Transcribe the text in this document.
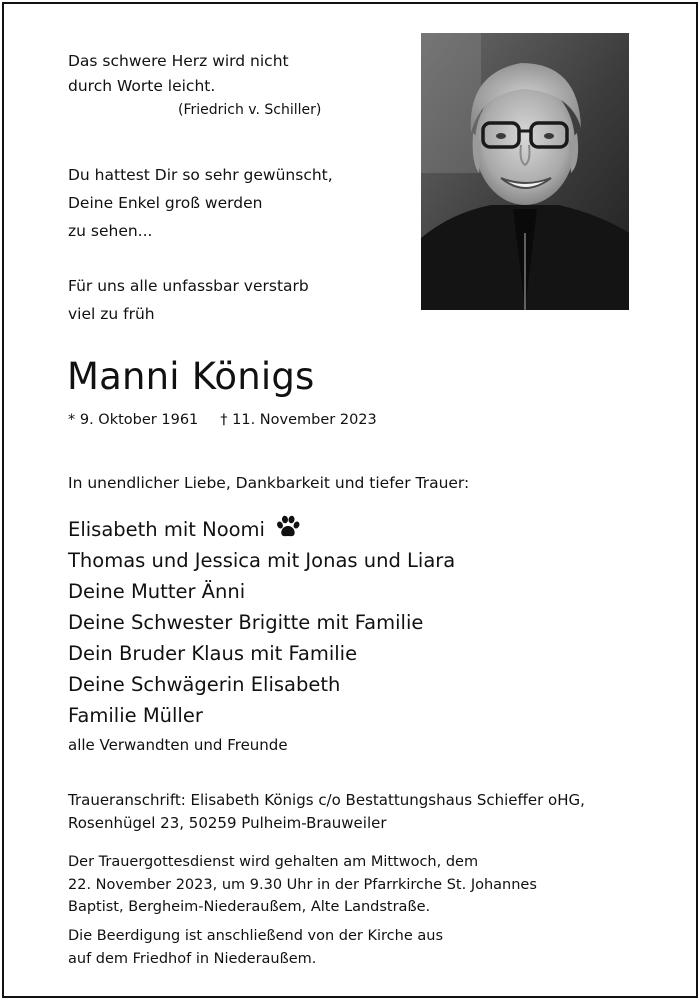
Das schwere Herz wird nicht
durch Worte leicht.
(Friedrich v. Schiller)
Du hattest Dir so sehr gewünscht,
Deine Enkel groß werden
zu sehen...
Für uns alle unfassbar verstarb
viel zu früh
Manni Königs
* 9. Oktober 1961 † 11. November 2023
In unendlicher Liebe, Dankbarkeit und tiefer Trauer:
Elisabeth mit Noomi
Thomas und Jessica mit Jonas und Liara
Deine Mutter Änni
Deine Schwester Brigitte mit Familie
Dein Bruder Klaus mit Familie
Deine Schwägerin Elisabeth
Familie Müller
alle Verwandten und Freunde
Traueranschrift: Elisabeth Königs c/o Bestattungshaus Schieffer oHG,
Rosenhügel 23, 50259 Pulheim-Brauweiler
Der Trauergottesdienst wird gehalten am Mittwoch, dem
22. November 2023, um 9.30 Uhr in der Pfarrkirche St. Johannes
Baptist, Bergheim-Niederaußem, Alte Landstraße.
Die Beerdigung ist anschließend von der Kirche aus
auf dem Friedhof in Niederaußem.
